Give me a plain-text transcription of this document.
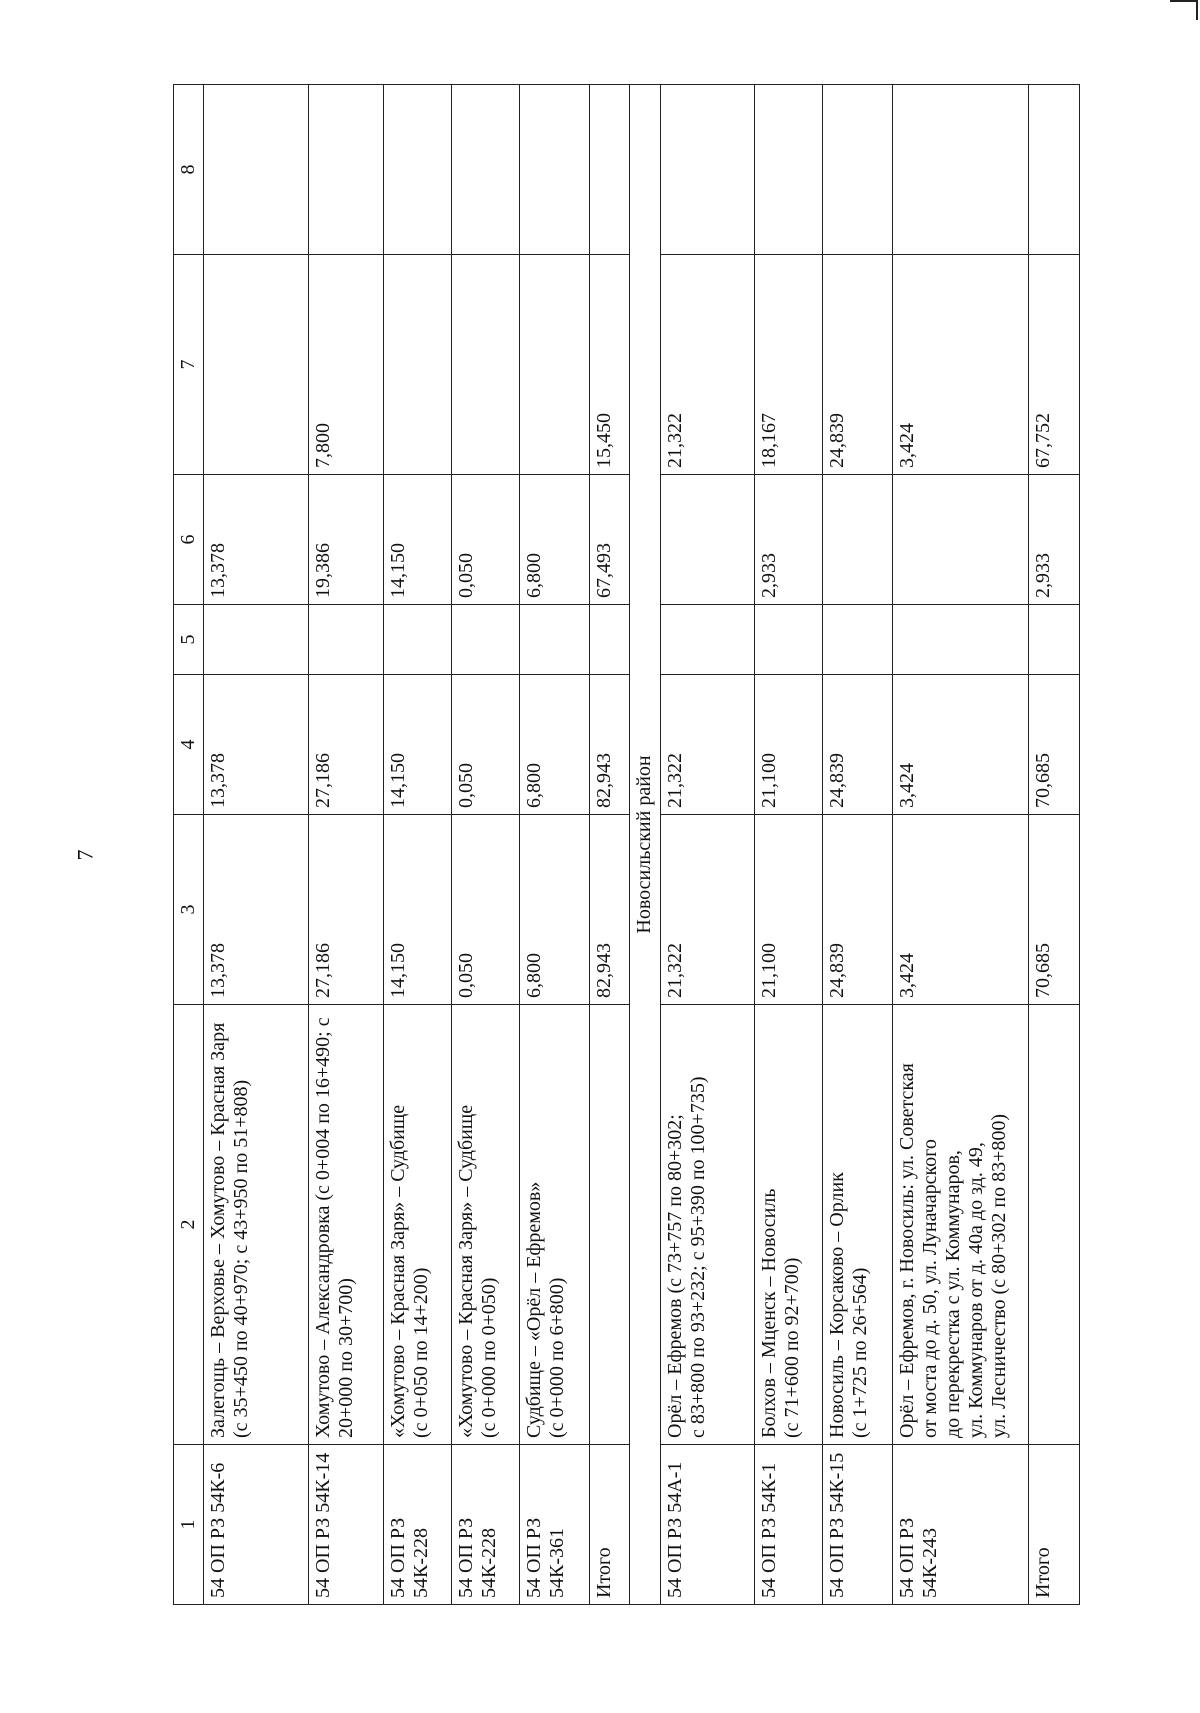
7
1	2	3	4	5	6	7	8
54 ОП РЗ 54К-6	Залегощь – Верховье – Хомутово – Красная Заря (с 35+450 по 40+970; с 43+950 по 51+808)	13,378	13,378		13,378		
54 ОП РЗ 54К-14	Хомутово – Александровка (с 0+004 по 16+490; с 20+000 по 30+700)	27,186	27,186		19,386	7,800	
54 ОП РЗ 54К-228	«Хомутово – Красная Заря» – Судбище
(с 0+050 по 14+200)	14,150	14,150		14,150		
54 ОП РЗ 54К-228	«Хомутово – Красная Заря» – Судбище
(с 0+000 по 0+050)	0,050	0,050		0,050		
54 ОП РЗ 54К-361	Судбище – «Орёл – Ефремов»
(с 0+000 по 6+800)	6,800	6,800		6,800		
Итого		82,943	82,943		67,493	15,450	
Новосильский район							
54 ОП РЗ 54А-1	Орёл – Ефремов (с 73+757 по 80+302;
с 83+800 по 93+232; с 95+390 по 100+735)	21,322	21,322			21,322	
54 ОП РЗ 54К-1	Болхов – Мценск – Новосиль
(с 71+600 по 92+700)	21,100	21,100		2,933	18,167	
54 ОП РЗ 54К-15	Новосиль – Корсаково – Орлик
(с 1+725 по 26+564)	24,839	24,839			24,839	
54 ОП РЗ 54К-243	Орёл – Ефремов, г. Новосиль: ул. Советская
от моста до д. 50, ул. Луначарского
до перекрестка с ул. Коммунаров,
ул. Коммунаров от д. 40а до зд. 49,
ул. Лесничество (с 80+302 по 83+800)	3,424	3,424			3,424	
Итого		70,685	70,685		2,933	67,752	
